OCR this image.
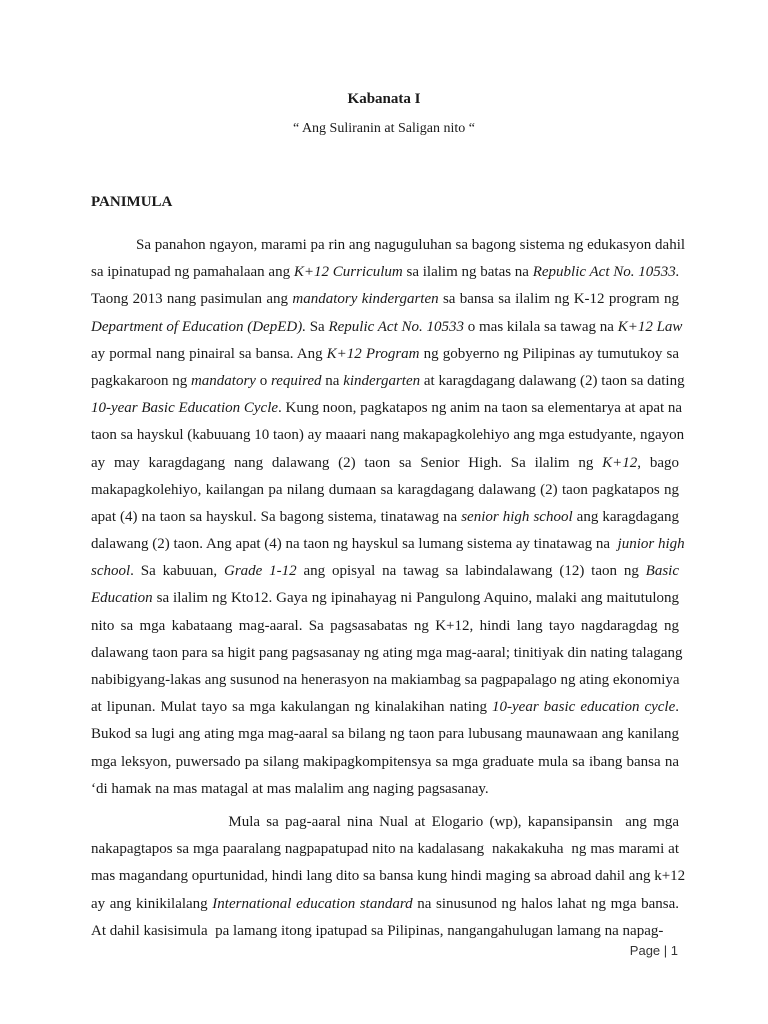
Kabanata I
“ Ang Suliranin at Saligan nito “
PANIMULA
Sa panahon ngayon, marami pa rin ang naguguluhan sa bagong sistema ng edukasyon dahil
sa ipinatupad ng pamahalaan ang K+12 Curriculum sa ilalim ng batas na Republic Act No. 10533.
Taong 2013 nang pasimulan ang mandatory kindergarten sa bansa sa ilalim ng K-12 program ng
Department of Education (DepED). Sa Repulic Act No. 10533 o mas kilala sa tawag na K+12 Law
ay pormal nang pinairal sa bansa. Ang K+12 Program ng gobyerno ng Pilipinas ay tumutukoy sa
pagkakaroon ng mandatory o required na kindergarten at karagdagang dalawang (2) taon sa dating
10-year Basic Education Cycle. Kung noon, pagkatapos ng anim na taon sa elementarya at apat na
taon sa hayskul (kabuuang 10 taon) ay maaari nang makapagkolehiyo ang mga estudyante, ngayon
ay may karagdagang nang dalawang (2) taon sa Senior High. Sa ilalim ng K+12, bago
makapagkolehiyo, kailangan pa nilang dumaan sa karagdagang dalawang (2) taon pagkatapos ng
apat (4) na taon sa hayskul. Sa bagong sistema, tinatawag na senior high school ang karagdagang
dalawang (2) taon. Ang apat (4) na taon ng hayskul sa lumang sistema ay tinatawag na  junior high
school. Sa kabuuan, Grade 1-12 ang opisyal na tawag sa labindalawang (12) taon ng Basic
Education sa ilalim ng Kto12. Gaya ng ipinahayag ni Pangulong Aquino, malaki ang maitutulong
nito sa mga kabataang mag-aaral. Sa pagsasabatas ng K+12, hindi lang tayo nagdaragdag ng
dalawang taon para sa higit pang pagsasanay ng ating mga mag-aaral; tinitiyak din nating talagang
nabibigyang-lakas ang susunod na henerasyon na makiambag sa pagpapalago ng ating ekonomiya
at lipunan. Mulat tayo sa mga kakulangan ng kinalakihan nating 10-year basic education cycle.
Bukod sa lugi ang ating mga mag-aaral sa bilang ng taon para lubusang maunawaan ang kanilang
mga leksyon, puwersado pa silang makipagkompitensya sa mga graduate mula sa ibang bansa na
‘di hamak na mas matagal at mas malalim ang naging pagsasanay.
Mula sa pag-aaral nina Nual at Elogario (wp), kapansipansin  ang mga
nakapagtapos sa mga paaralang nagpapatupad nito na kadalasang  nakakakuha  ng mas marami at
mas magandang opurtunidad, hindi lang dito sa bansa kung hindi maging sa abroad dahil ang k+12
ay ang kinikilalang International education standard na sinusunod ng halos lahat ng mga bansa.
At dahil kasisimula  pa lamang itong ipatupad sa Pilipinas, nangangahulugan lamang na napag-
Page | 1
